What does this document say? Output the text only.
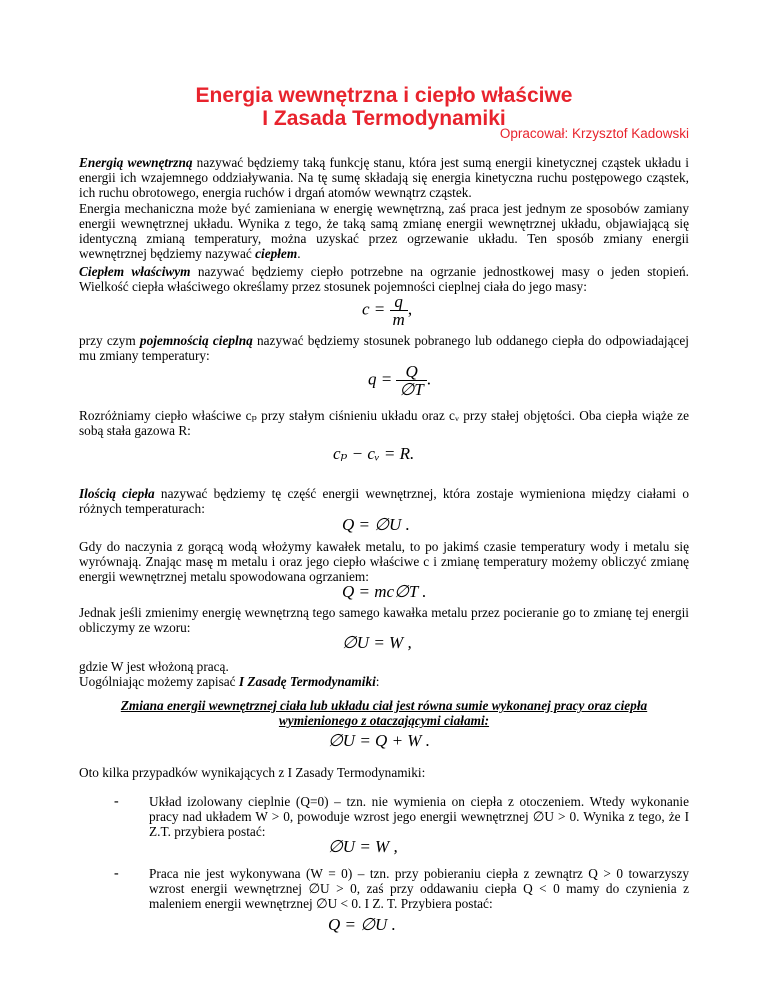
Energia wewnętrzna i ciepło właściwe
I Zasada Termodynamiki
Opracował: Krzysztof Kadowski
Energią wewnętrzną nazywać będziemy taką funkcję stanu, która jest sumą energii kinetycznej cząstek układu i energii ich wzajemnego oddziaływania. Na tę sumę składają się energia kinetyczna ruchu postępowego cząstek, ich ruchu obrotowego, energia ruchów i drgań atomów wewnątrz cząstek.
Energia mechaniczna może być zamieniana w energię wewnętrzną, zaś praca jest jednym ze sposobów zamiany energii wewnętrznej układu. Wynika z tego, że taką samą zmianę energii wewnętrznej układu, objawiającą się identyczną zmianą temperatury, można uzyskać przez ogrzewanie układu. Ten sposób zmiany energii wewnętrznej będziemy nazywać ciepłem.
Ciepłem właściwym nazywać będziemy ciepło potrzebne na ogrzanie jednostkowej masy o jeden stopień. Wielkość ciepła właściwego określamy przez stosunek pojemności cieplnej ciała do jego masy:
$c = \frac{q}{m}$ ,
przy czym pojemnością cieplną nazywać będziemy stosunek pobranego lub oddanego ciepła do odpowiadającej mu zmiany temperatury:
$q = \frac{Q}{\emptyset T}$ .
Rozróżniamy ciepło właściwe cₚ przy stałym ciśnieniu układu oraz cᵥ przy stałej objętości. Oba ciepła wiąże ze sobą stała gazowa R:
cₚ − cᵥ = R.
Ilością ciepła nazywać będziemy tę część energii wewnętrznej, która zostaje wymieniona między ciałami o różnych temperaturach:
Q = ∅U .
Gdy do naczynia z gorącą wodą włożymy kawałek metalu, to po jakimś czasie temperatury wody i metalu się wyrównają. Znając masę m metalu i oraz jego ciepło właściwe c i zmianę temperatury możemy obliczyć zmianę energii wewnętrznej metalu spowodowana ogrzaniem:
Q = mc∅T .
Jednak jeśli zmienimy energię wewnętrzną tego samego kawałka metalu przez pocieranie go to zmianę tej energii obliczymy ze wzoru:
∅U = W ,
gdzie W jest włożoną pracą.
Uogólniając możemy zapisać I Zasadę Termodynamiki:
Zmiana energii wewnętrznej ciała lub układu ciał jest równa sumie wykonanej pracy oraz ciepła wymienionego z otaczającymi ciałami:
∅U = Q + W .
Oto kilka przypadków wynikających z I Zasady Termodynamiki:
- Układ izolowany cieplnie (Q=0) – tzn. nie wymienia on ciepła z otoczeniem. Wtedy wykonanie pracy nad układem W > 0, powoduje wzrost jego energii wewnętrznej ∅U > 0. Wynika z tego, że I Z.T. przybiera postać:
∅U = W ,
- Praca nie jest wykonywana (W = 0) – tzn. przy pobieraniu ciepła z zewnątrz Q > 0 towarzyszy wzrost energii wewnętrznej ∅U > 0, zaś przy oddawaniu ciepła Q < 0 mamy do czynienia z maleniem energii wewnętrznej ∅U < 0. I Z. T. Przybiera postać:
Q = ∅U .
